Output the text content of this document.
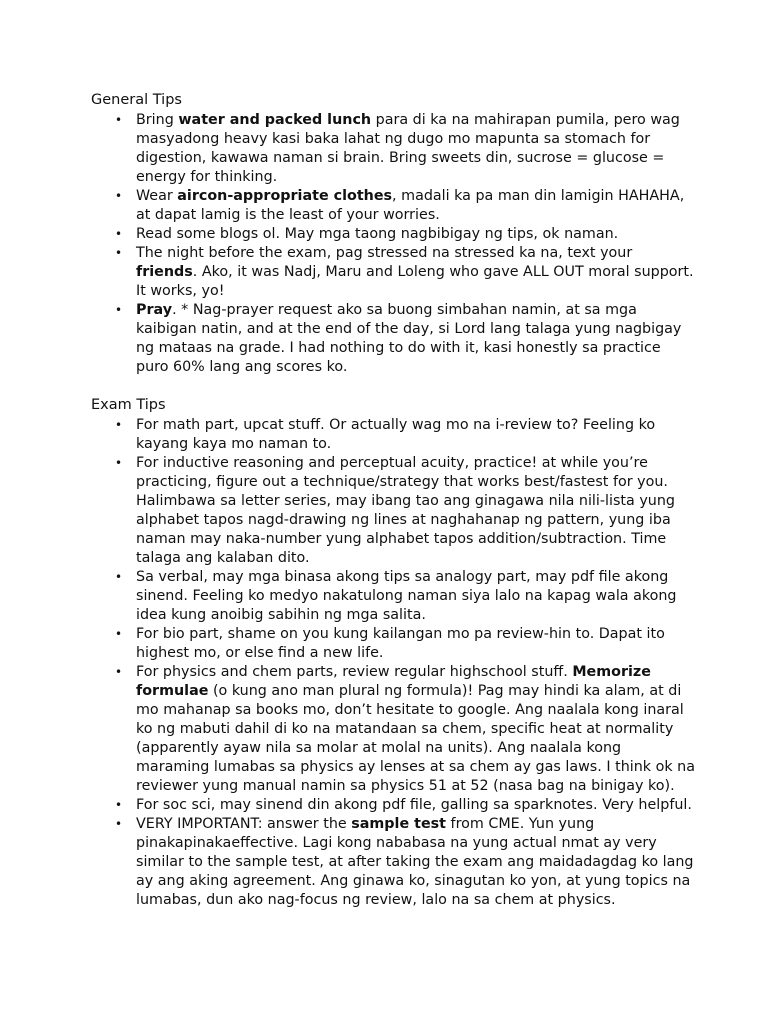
General Tips
• Bring water and packed lunch para di ka na mahirapan pumila, pero wag
masyadong heavy kasi baka lahat ng dugo mo mapunta sa stomach for
digestion, kawawa naman si brain. Bring sweets din, sucrose = glucose =
energy for thinking.
• Wear aircon-appropriate clothes, madali ka pa man din lamigin HAHAHA,
at dapat lamig is the least of your worries.
• Read some blogs ol. May mga taong nagbibigay ng tips, ok naman.
• The night before the exam, pag stressed na stressed ka na, text your
friends. Ako, it was Nadj, Maru and Loleng who gave ALL OUT moral support.
It works, yo!
• Pray. * Nag-prayer request ako sa buong simbahan namin, at sa mga
kaibigan natin, and at the end of the day, si Lord lang talaga yung nagbigay
ng mataas na grade. I had nothing to do with it, kasi honestly sa practice
puro 60% lang ang scores ko.
Exam Tips
• For math part, upcat stuff. Or actually wag mo na i-review to? Feeling ko
kayang kaya mo naman to.
• For inductive reasoning and perceptual acuity, practice! at while you’re
practicing, figure out a technique/strategy that works best/fastest for you.
Halimbawa sa letter series, may ibang tao ang ginagawa nila nili-lista yung
alphabet tapos nagd-drawing ng lines at naghahanap ng pattern, yung iba
naman may naka-number yung alphabet tapos addition/subtraction. Time
talaga ang kalaban dito.
• Sa verbal, may mga binasa akong tips sa analogy part, may pdf file akong
sinend. Feeling ko medyo nakatulong naman siya lalo na kapag wala akong
idea kung anoibig sabihin ng mga salita.
• For bio part, shame on you kung kailangan mo pa review-hin to. Dapat ito
highest mo, or else find a new life.
• For physics and chem parts, review regular highschool stuff. Memorize
formulae (o kung ano man plural ng formula)! Pag may hindi ka alam, at di
mo mahanap sa books mo, don’t hesitate to google. Ang naalala kong inaral
ko ng mabuti dahil di ko na matandaan sa chem, specific heat at normality
(apparently ayaw nila sa molar at molal na units). Ang naalala kong
maraming lumabas sa physics ay lenses at sa chem ay gas laws. I think ok na
reviewer yung manual namin sa physics 51 at 52 (nasa bag na binigay ko).
• For soc sci, may sinend din akong pdf file, galling sa sparknotes. Very helpful.
• VERY IMPORTANT: answer the sample test from CME. Yun yung
pinakapinakaeffective. Lagi kong nababasa na yung actual nmat ay very
similar to the sample test, at after taking the exam ang maidadagdag ko lang
ay ang aking agreement. Ang ginawa ko, sinagutan ko yon, at yung topics na
lumabas, dun ako nag-focus ng review, lalo na sa chem at physics.
